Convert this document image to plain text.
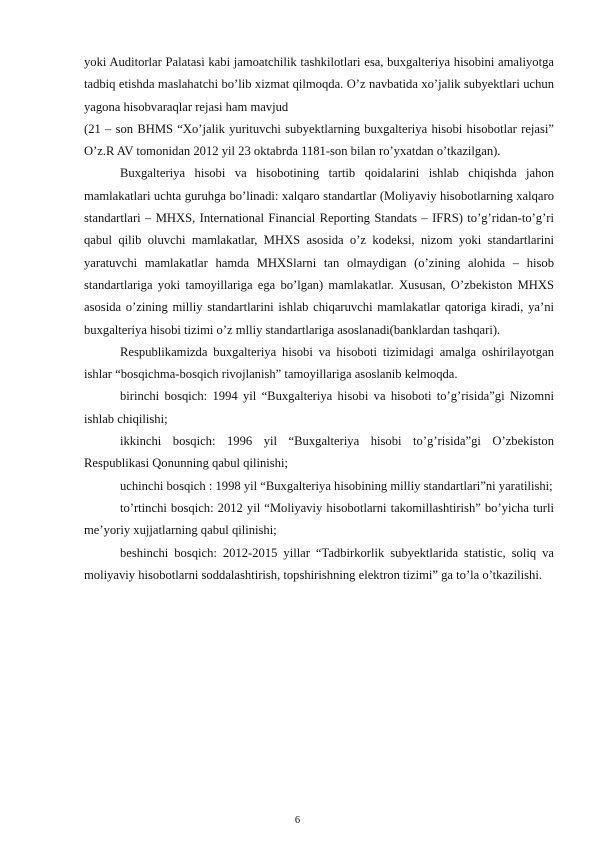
yoki Auditorlar Palatasi kabi jamoatchilik tashkilotlari esa, buxgalteriya hisobini amaliyotga tadbiq etishda maslahatchi bo’lib xizmat qilmoqda. O’z navbatida xo’jalik subyektlari uchun yagona hisobvaraqlar rejasi ham mavjud

(21 – son BHMS “Xo’jalik yurituvchi subyektlarning buxgalteriya hisobi hisobotlar rejasi” O’z.R AV tomonidan 2012 yil 23 oktabrda 1181-son bilan ro’yxatdan o’tkazilgan).

Buxgalteriya hisobi va hisobotining tartib qoidalarini ishlab chiqishda jahon mamlakatlari uchta guruhga bo’linadi: xalqaro standartlar (Moliyaviy hisobotlarning xalqaro standartlari – MHXS, International Financial Reporting Standats – IFRS) to’g’ridan-to’g’ri qabul qilib oluvchi mamlakatlar, MHXS asosida o’z kodeksi, nizom yoki standartlarini yaratuvchi mamlakatlar hamda MHXSlarni tan olmaydigan (o’zining alohida – hisob standartlariga yoki tamoyillariga ega bo’lgan) mamlakatlar. Xususan, O’zbekiston MHXS asosida o’zining milliy standartlarini ishlab chiqaruvchi mamlakatlar qatoriga kiradi, ya’ni buxgalteriya hisobi tizimi o’z mlliy standartlariga asoslanadi(banklardan tashqari).

Respublikamizda buxgalteriya hisobi va hisoboti tizimidagi amalga oshirilayotgan ishlar “bosqichma-bosqich rivojlanish” tamoyillariga asoslanib kelmoqda.

birinchi bosqich: 1994 yil “Buxgalteriya hisobi va hisoboti to’g’risida”gi Nizomni ishlab chiqilishi;

ikkinchi bosqich: 1996 yil “Buxgalteriya hisobi to’g’risida”gi O’zbekiston Respublikasi Qonunning qabul qilinishi;

uchinchi bosqich : 1998 yil “Buxgalteriya hisobining milliy standartlari”ni yaratilishi;

to’rtinchi bosqich: 2012 yil “Moliyaviy hisobotlarni takomillashtirish” bo’yicha turli me’yoriy xujjatlarning qabul qilinishi;

beshinchi bosqich: 2012-2015 yillar “Tadbirkorlik subyektlarida statistic, soliq va moliyaviy hisobotlarni soddalashtirish, topshirishning elektron tizimi” ga to’la o’tkazilishi.

6
